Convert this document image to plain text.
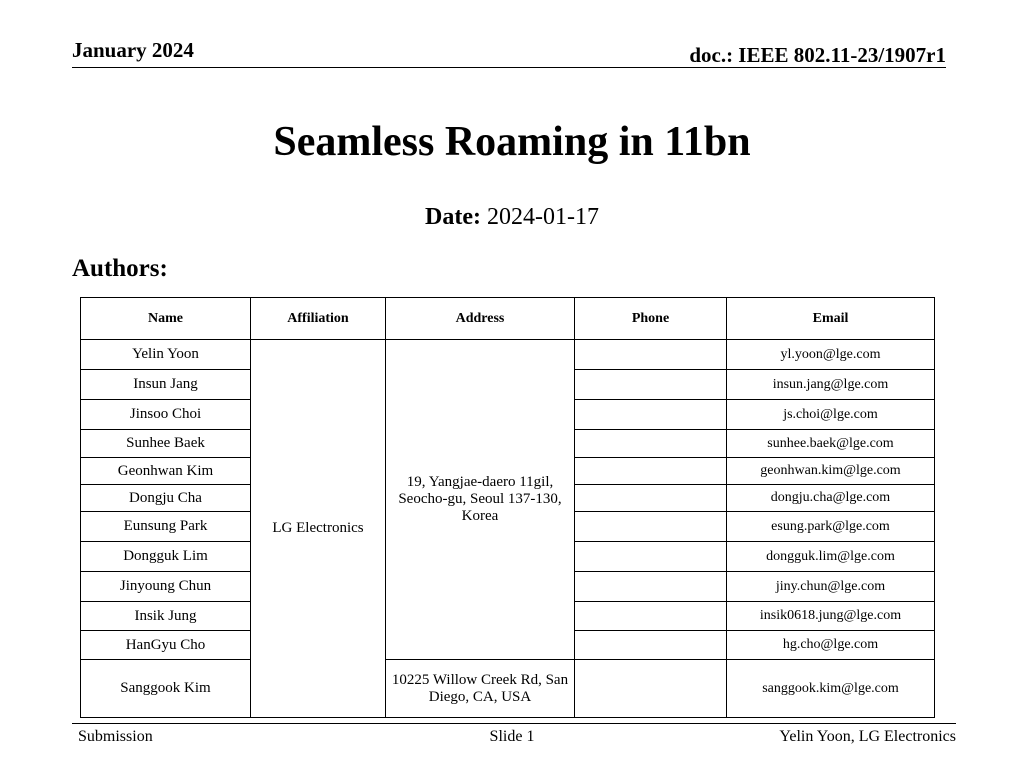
January 2024	doc.: IEEE 802.11-23/1907r1
Seamless Roaming in 11bn
Date: 2024-01-17
Authors:
Name	Affiliation	Address	Phone	Email
Yelin Yoon	LG Electronics	19, Yangjae-daero 11gil, Seocho-gu, Seoul 137-130, Korea		yl.yoon@lge.com
Insun Jang				insun.jang@lge.com
Jinsoo Choi				js.choi@lge.com
Sunhee Baek				sunhee.baek@lge.com
Geonhwan Kim				geonhwan.kim@lge.com
Dongju Cha				dongju.cha@lge.com
Eunsung Park				esung.park@lge.com
Dongguk Lim				dongguk.lim@lge.com
Jinyoung Chun				jiny.chun@lge.com
Insik Jung				insik0618.jung@lge.com
HanGyu Cho				hg.cho@lge.com
Sanggook Kim		10225 Willow Creek Rd, San Diego, CA, USA		sanggook.kim@lge.com
Submission	Slide 1	Yelin Yoon, LG Electronics
